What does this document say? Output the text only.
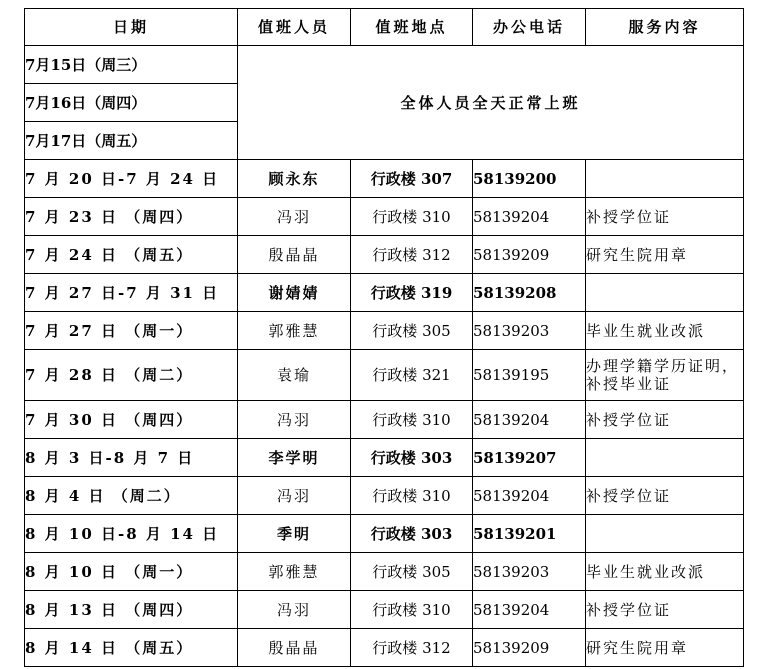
日期	值班人员	值班地点	办公电话	服务内容
7月15日（周三）	全体人员全天正常上班			
7月16日（周四）				
7月17日（周五）				
7 月 20 日-7 月 24 日	顾永东	行政楼 307	58139200	
7 月 23 日 （周四）	冯羽	行政楼 310	58139204	补授学位证
7 月 24 日 （周五）	殷晶晶	行政楼 312	58139209	研究生院用章
7 月 27 日-7 月 31 日	谢婧婧	行政楼 319	58139208	
7 月 27 日 （周一）	郭雅慧	行政楼 305	58139203	毕业生就业改派
7 月 28 日 （周二）	袁瑜	行政楼 321	58139195	办理学籍学历证明，补授毕业证
7 月 30 日 （周四）	冯羽	行政楼 310	58139204	补授学位证
8 月 3 日-8 月 7 日	李学明	行政楼 303	58139207	
8 月 4 日 （周二）	冯羽	行政楼 310	58139204	补授学位证
8 月 10 日-8 月 14 日	季明	行政楼 303	58139201	
8 月 10 日 （周一）	郭雅慧	行政楼 305	58139203	毕业生就业改派
8 月 13 日 （周四）	冯羽	行政楼 310	58139204	补授学位证
8 月 14 日 （周五）	殷晶晶	行政楼 312	58139209	研究生院用章
